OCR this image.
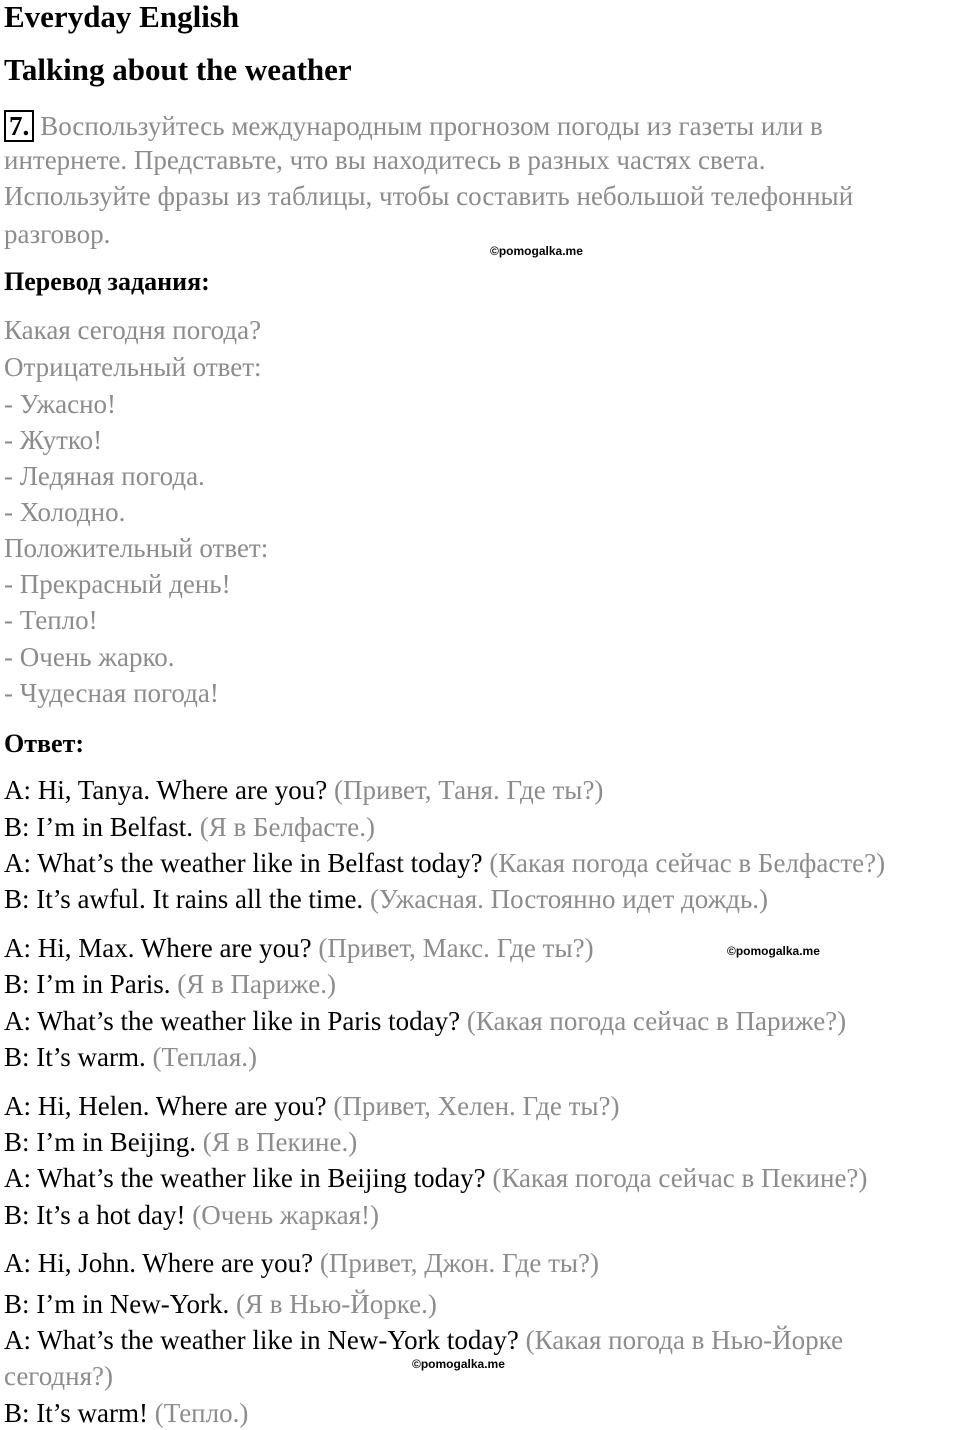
Everyday English
Talking about the weather
7. Воспользуйтесь международным прогнозом погоды из газеты или в
интернете. Представьте, что вы находитесь в разных частях света.
Используйте фразы из таблицы, чтобы составить небольшой телефонный
разговор.
©pomogalka.me
Перевод задания:
Какая сегодня погода?
Отрицательный ответ:
- Ужасно!
- Жутко!
- Ледяная погода.
- Холодно.
Положительный ответ:
- Прекрасный день!
- Тепло!
- Очень жарко.
- Чудесная погода!
Ответ:
A: Hi, Tanya. Where are you? (Привет, Таня. Где ты?)
B: I’m in Belfast. (Я в Белфасте.)
A: What’s the weather like in Belfast today? (Какая погода сейчас в Белфасте?)
B: It’s awful. It rains all the time. (Ужасная. Постоянно идет дождь.)
A: Hi, Max. Where are you? (Привет, Макс. Где ты?)
B: I’m in Paris. (Я в Париже.)
A: What’s the weather like in Paris today? (Какая погода сейчас в Париже?)
B: It’s warm. (Теплая.)
A: Hi, Helen. Where are you? (Привет, Хелен. Где ты?)
B: I’m in Beijing. (Я в Пекине.)
A: What’s the weather like in Beijing today? (Какая погода сейчас в Пекине?)
B: It’s a hot day! (Очень жаркая!)
A: Hi, John. Where are you? (Привет, Джон. Где ты?)
B: I’m in New-York. (Я в Нью-Йорке.)
A: What’s the weather like in New-York today? (Какая погода в Нью-Йорке
сегодня?)
B: It’s warm! (Тепло.)
©pomogalka.me
©pomogalka.me
